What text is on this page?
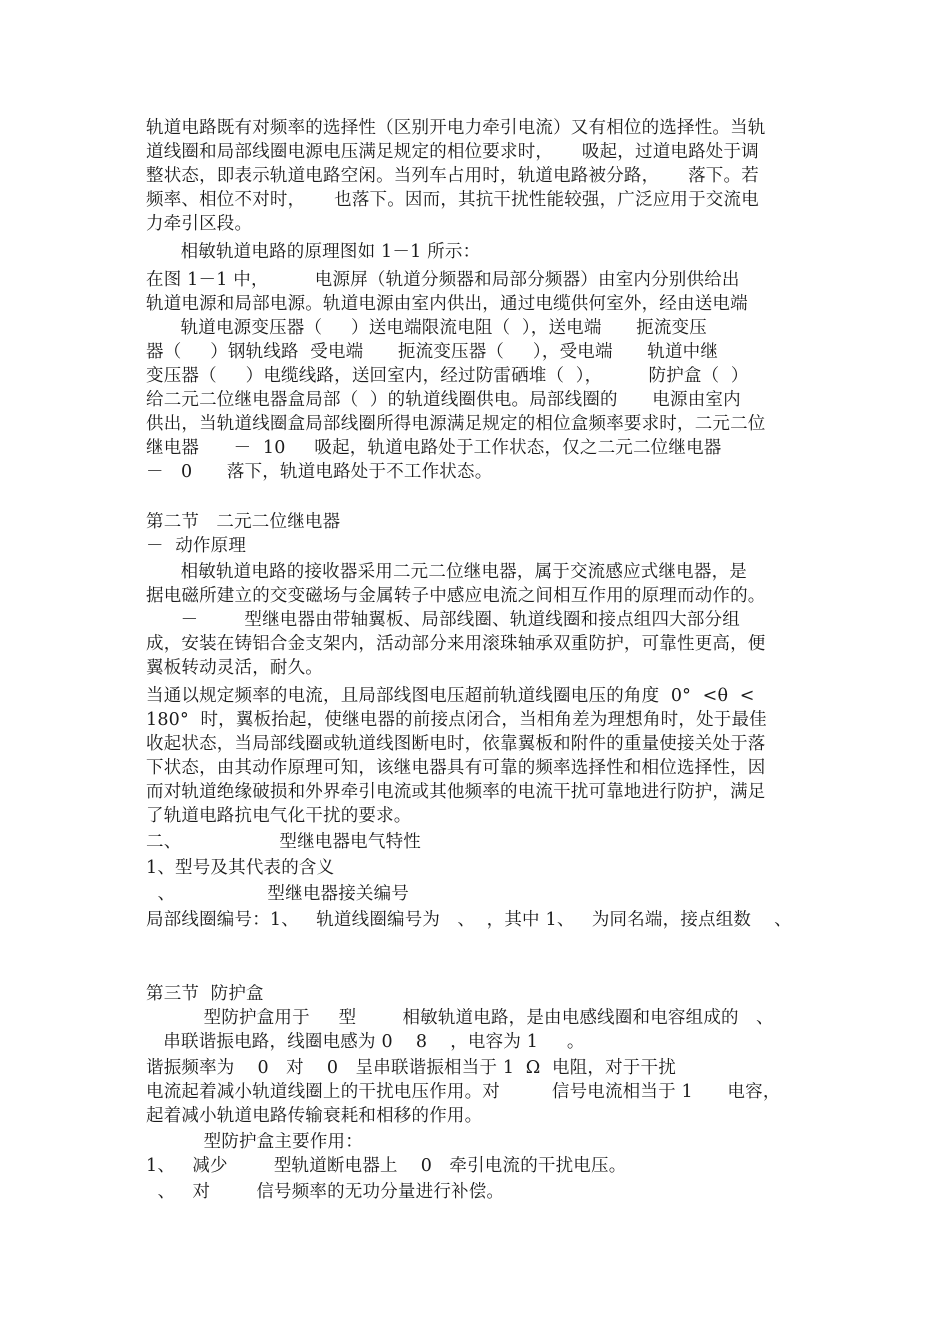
轨道电路既有对频率的选择性（区别开电力牵引电流）又有相位的选择性。当轨
道线圈和局部线圈电源电压满足规定的相位要求时，     吸起，过道电路处于调
整状态，即表示轨道电路空闲。当列车占用时，轨道电路被分路，     落下。若
频率、相位不对时，     也落下。因而，其抗干扰性能较强，广泛应用于交流电
力牵引区段。
相敏轨道电路的原理图如 1－1 所示：
在图 1－1 中，        电源屏（轨道分频器和局部分频器）由室内分别供给出
轨道电源和局部电源。轨道电源由室内供出，通过电缆供何室外，经由送电端
轨道电源变压器（     ）送电端限流电阻（  ），送电端      扼流变压
器（     ）钢轨线路  受电端      扼流变压器（     ），受电端      轨道中继
变压器（     ）电缆线路，送回室内，经过防雷硒堆（  ），        防护盒（  ）
给二元二位继电器盒局部（  ）的轨道线圈供电。局部线圈的      电源由室内
供出，当轨道线圈盒局部线圈所得电源满足规定的相位盒频率要求时，二元二位
继电器      －  10     吸起，轨道电路处于工作状态，仅之二元二位继电器
－   0      落下，轨道电路处于不工作状态。
第二节   二元二位继电器
－  动作原理
相敏轨道电路的接收器采用二元二位继电器，属于交流感应式继电器，是
据电磁所建立的交变磁场与金属转子中感应电流之间相互作用的原理而动作的。
－        型继电器由带轴翼板、局部线圈、轨道线圈和接点组四大部分组
成，安装在铸铝合金支架内，活动部分来用滚珠轴承双重防护，可靠性更高，便
翼板转动灵活，耐久。
当通以规定频率的电流，且局部线图电压超前轨道线圈电压的角度  0°  <θ  <
180°  时，翼板抬起，使继电器的前接点闭合，当相角差为理想角时，处于最佳
收起状态，当局部线圈或轨道线图断电时，依靠翼板和附件的重量使接关处于落
下状态，由其动作原理可知，该继电器具有可靠的频率选择性和相位选择性，因
而对轨道绝缘破损和外界牵引电流或其他频率的电流干扰可靠地进行防护，满足
了轨道电路抗电气化干扰的要求。
二、                 型继电器电气特性
1、型号及其代表的含义
、                型继电器接关编号
局部线圈编号：1、   轨道线圈编号为   、  ，其中 1、   为同名端，接点组数    、
第三节  防护盒
型防护盒用于     型        相敏轨道电路，是由电感线圈和电容组成的   、
串联谐振电路，线圈电感为 0    8    ，电容为 1     。
谐振频率为    0   对    0   呈串联谐振相当于 1  Ω  电阻，对于干扰
电流起着减小轨道线圈上的干扰电压作用。对         信号电流相当于 1      电容，
起着减小轨道电路传输衰耗和相移的作用。
型防护盒主要作用：
1、   减少        型轨道断电器上    0   牵引电流的干扰电压。
、   对        信号频率的无功分量进行补偿。
